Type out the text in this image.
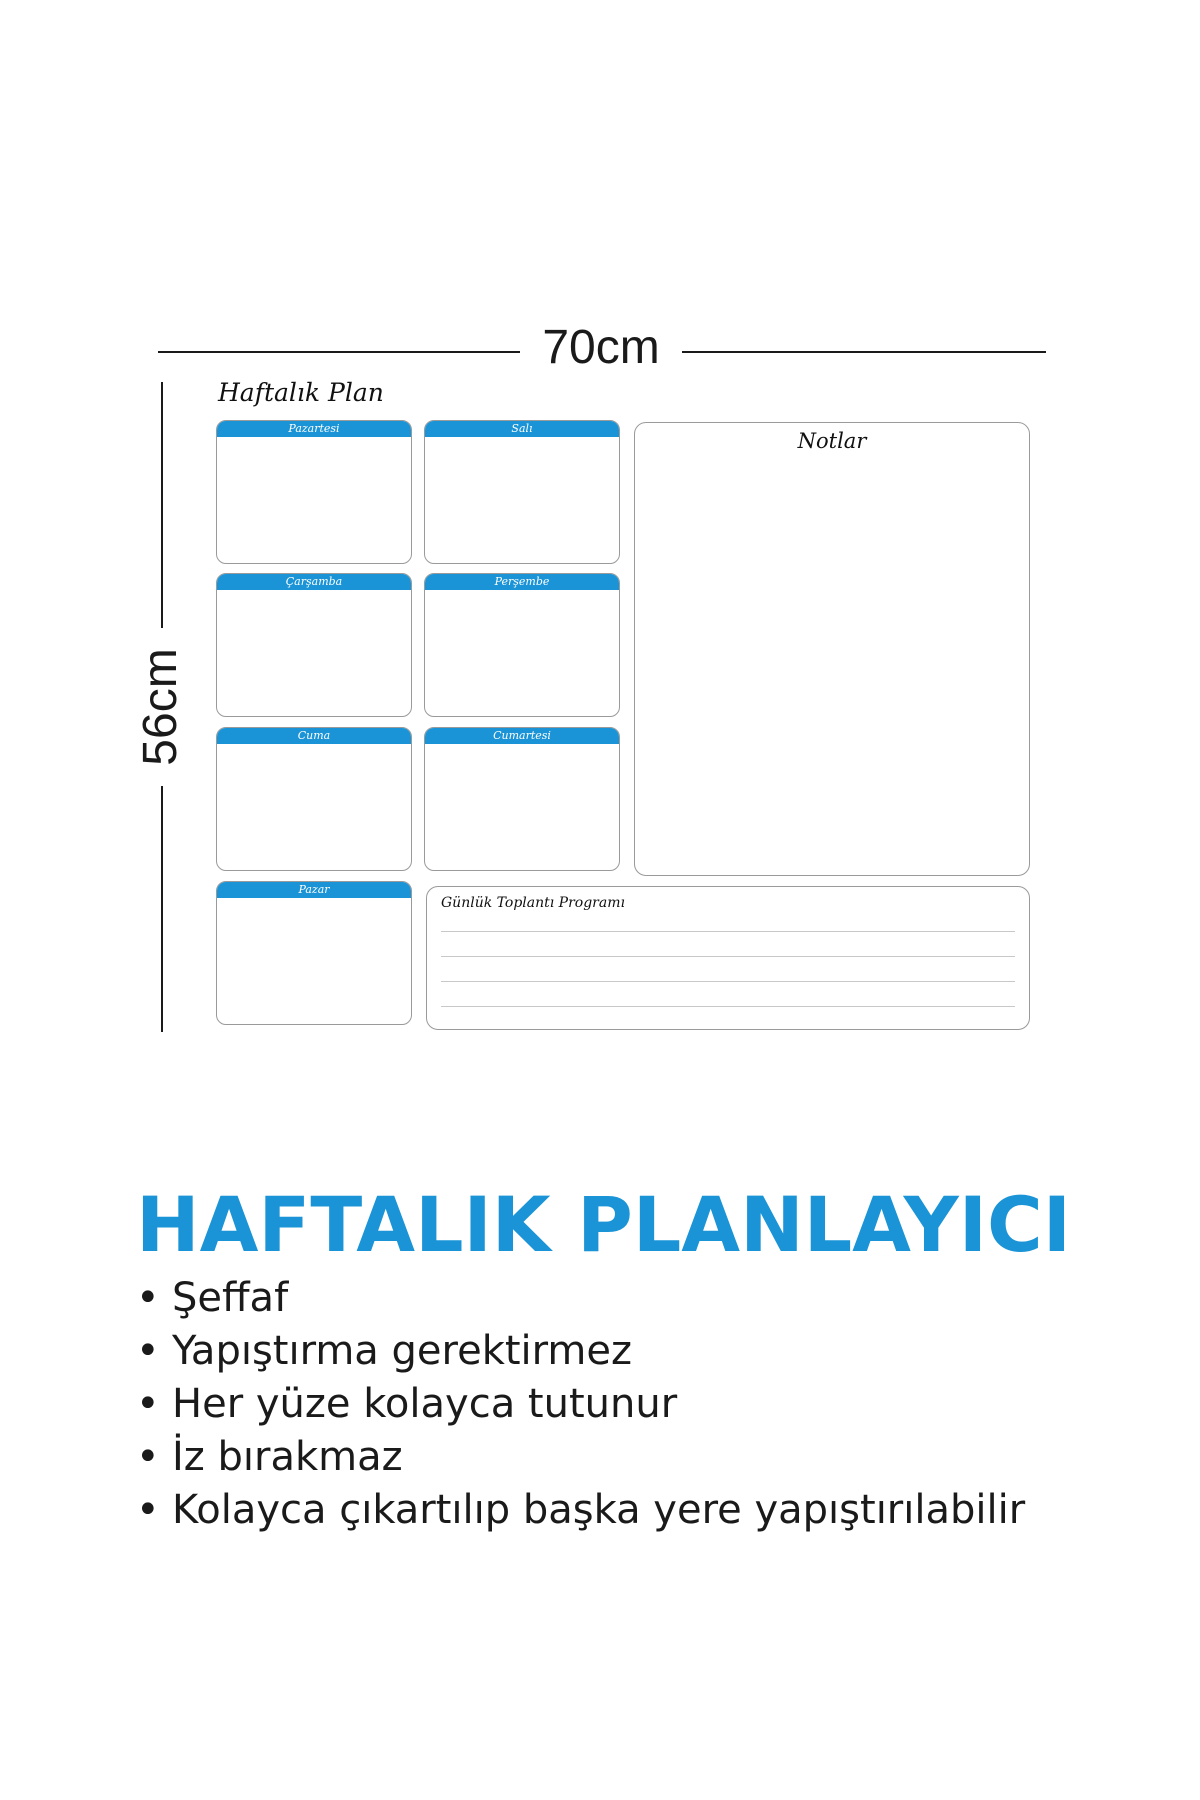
70cm
56cm
Haftalık Plan
Pazartesi	Salı
Çarşamba	Perşembe
Cuma	Cumartesi
Pazar
Notlar
Günlük Toplantı Programı
HAFTALIK PLANLAYICI
• Şeffaf
• Yapıştırma gerektirmez
• Her yüze kolayca tutunur
• İz bırakmaz
• Kolayca çıkartılıp başka yere yapıştırılabilir
